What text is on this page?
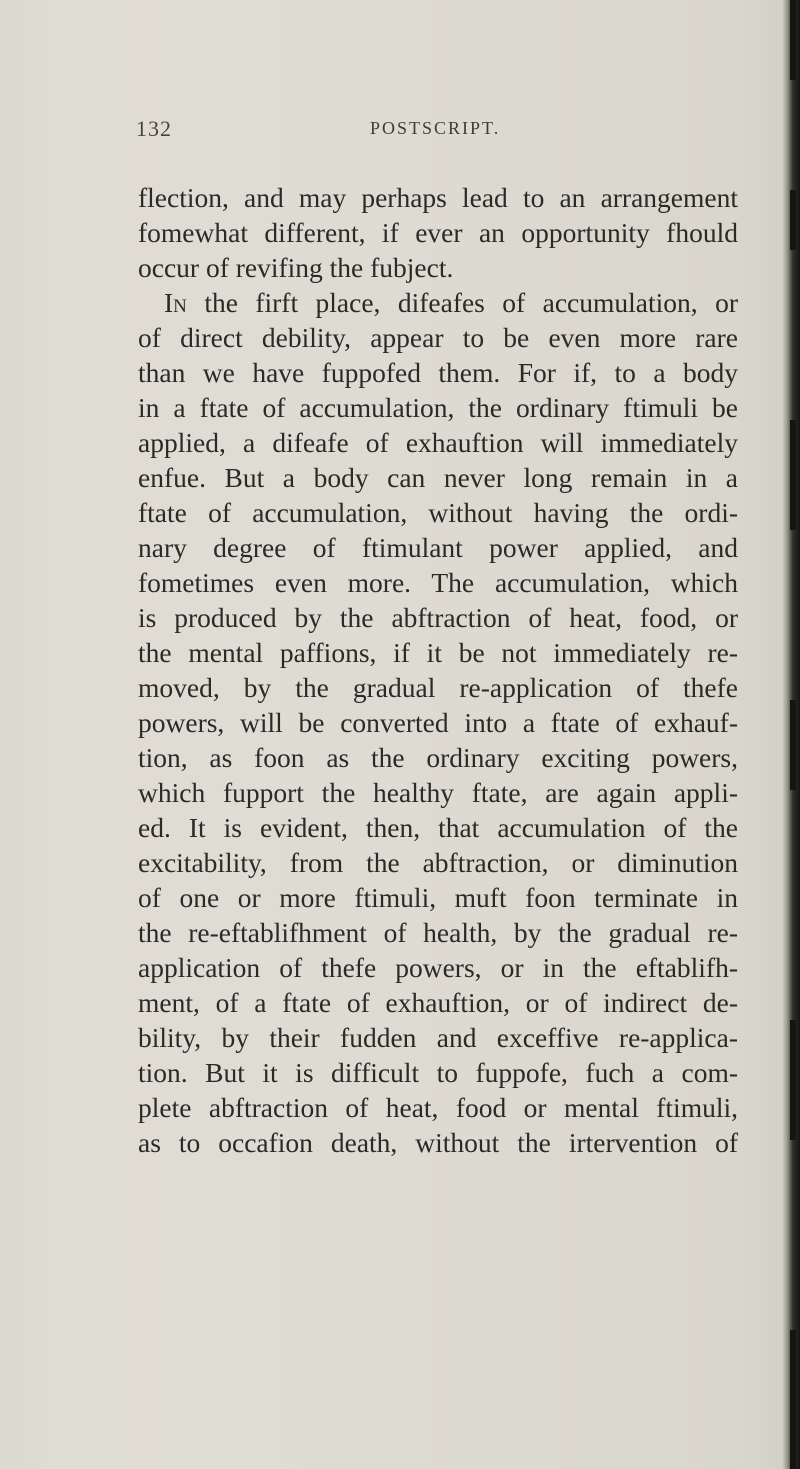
132	POSTSCRIPT.
flection, and may perhaps lead to an arrangement
fomewhat different, if ever an opportunity fhould
occur of revifing the fubject.
In the firft place, difeafes of accumulation, or
of direct debility, appear to be even more rare
than we have fuppofed them. For if, to a body
in a ftate of accumulation, the ordinary ftimuli be
applied, a difeafe of exhauftion will immediately
enfue. But a body can never long remain in a
ftate of accumulation, without having the ordi-
nary degree of ftimulant power applied, and
fometimes even more. The accumulation, which
is produced by the abftraction of heat, food, or
the mental paffions, if it be not immediately re-
moved, by the gradual re-application of thefe
powers, will be converted into a ftate of exhauf-
tion, as foon as the ordinary exciting powers,
which fupport the healthy ftate, are again appli-
ed. It is evident, then, that accumulation of the
excitability, from the abftraction, or diminution
of one or more ftimuli, muft foon terminate in
the re-eftablifhment of health, by the gradual re-
application of thefe powers, or in the eftablifh-
ment, of a ftate of exhauftion, or of indirect de-
bility, by their fudden and exceffive re-applica-
tion. But it is difficult to fuppofe, fuch a com-
plete abftraction of heat, food or mental ftimuli,
as to occafion death, without the irtervention of
